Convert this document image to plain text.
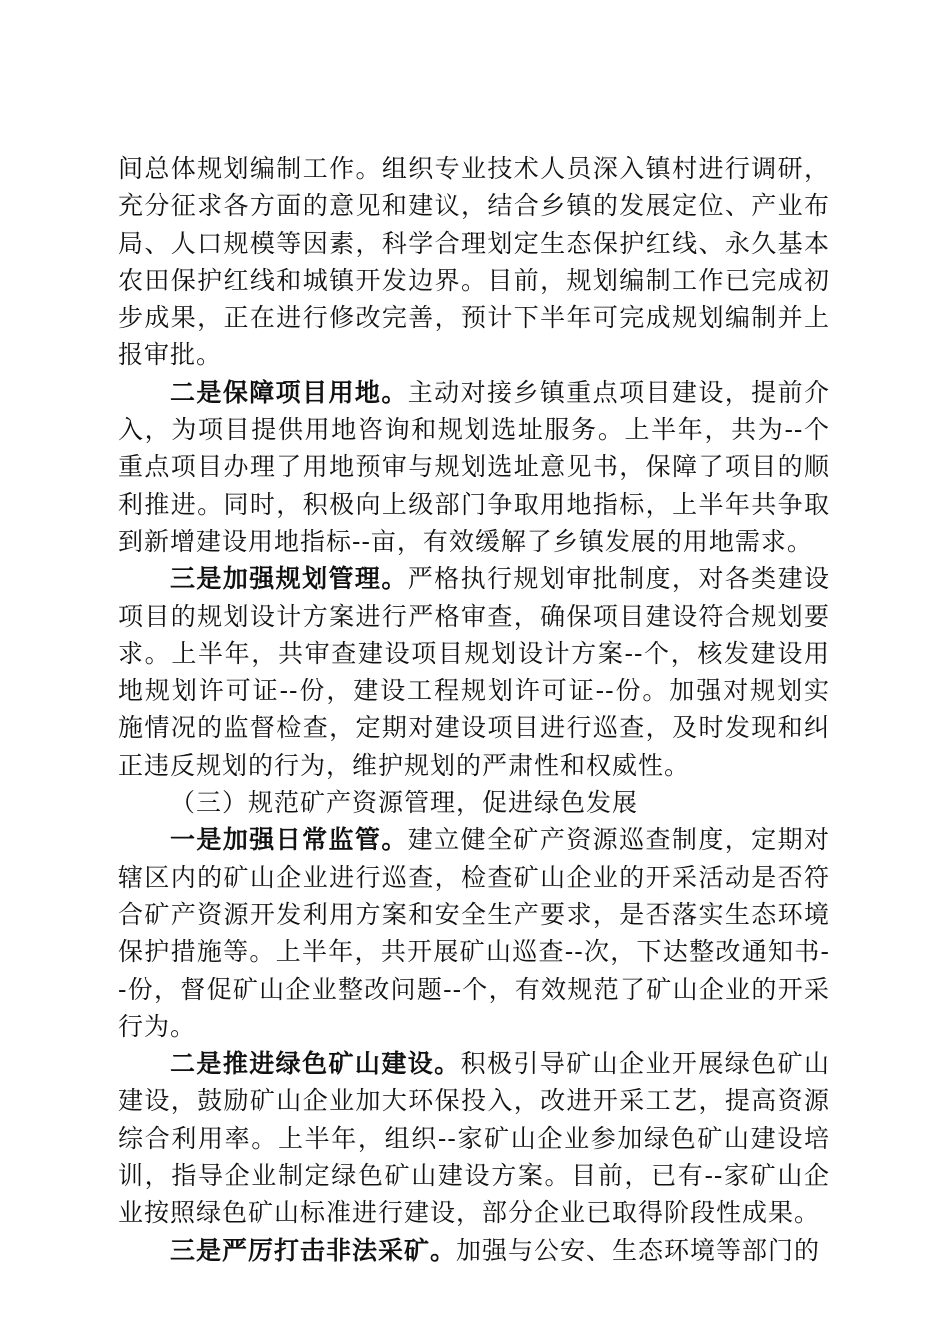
间总体规划编制工作。组织专业技术人员深入镇村进行调研，充分征求各方面的意见和建议，结合乡镇的发展定位、产业布局、人口规模等因素，科学合理划定生态保护红线、永久基本农田保护红线和城镇开发边界。目前，规划编制工作已完成初步成果，正在进行修改完善，预计下半年可完成规划编制并上报审批。

二是保障项目用地。主动对接乡镇重点项目建设，提前介入，为项目提供用地咨询和规划选址服务。上半年，共为--个重点项目办理了用地预审与规划选址意见书，保障了项目的顺利推进。同时，积极向上级部门争取用地指标，上半年共争取到新增建设用地指标--亩，有效缓解了乡镇发展的用地需求。

三是加强规划管理。严格执行规划审批制度，对各类建设项目的规划设计方案进行严格审查，确保项目建设符合规划要求。上半年，共审查建设项目规划设计方案--个，核发建设用地规划许可证--份，建设工程规划许可证--份。加强对规划实施情况的监督检查，定期对建设项目进行巡查，及时发现和纠正违反规划的行为，维护规划的严肃性和权威性。

（三）规范矿产资源管理，促进绿色发展

一是加强日常监管。建立健全矿产资源巡查制度，定期对辖区内的矿山企业进行巡查，检查矿山企业的开采活动是否符合矿产资源开发利用方案和安全生产要求，是否落实生态环境保护措施等。上半年，共开展矿山巡查--次，下达整改通知书--份，督促矿山企业整改问题--个，有效规范了矿山企业的开采行为。

二是推进绿色矿山建设。积极引导矿山企业开展绿色矿山建设，鼓励矿山企业加大环保投入，改进开采工艺，提高资源综合利用率。上半年，组织--家矿山企业参加绿色矿山建设培训，指导企业制定绿色矿山建设方案。目前，已有--家矿山企业按照绿色矿山标准进行建设，部分企业已取得阶段性成果。

三是严厉打击非法采矿。加强与公安、生态环境等部门的
